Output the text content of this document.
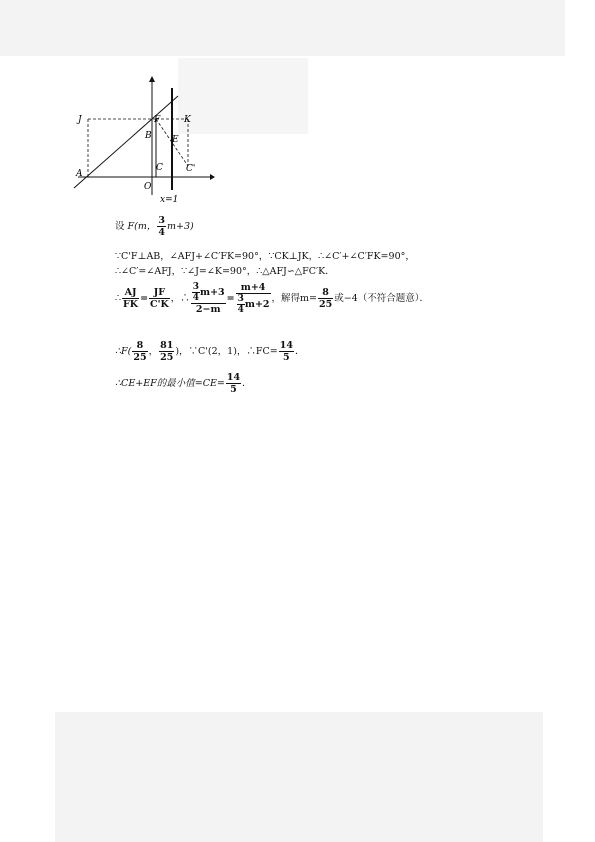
J	F	K
B E
A
C	C'
O
x=1
设 F(m， $\frac{3}{4} m+3$)
∵C'F⊥AB，∠AFJ+∠C′FK=90°，∵CK⊥JK，∴∠C′+∠C′FK=90°，
∴∠C′=∠AFJ，∵∠J=∠K=90°，∴△AFJ∽△FC′K．
∴ $\frac{AJ}{FK} = \frac{JF}{C'K}$ ，∴ $\frac{\frac{3}{4} m+3}{2-m} = \frac{m+4}{\frac{3}{4} m+2}$ ，解得$m= \frac{8}{25}$ 或−4（不符合题意）．
∴F( $\frac{8}{25}$ ， $\frac{81}{25}$ )，∵C'(2，1)，∴FC= $\frac{14}{5}$ ．
∴CE+EF的最小值$=CE= \frac{14}{5}$ ．
